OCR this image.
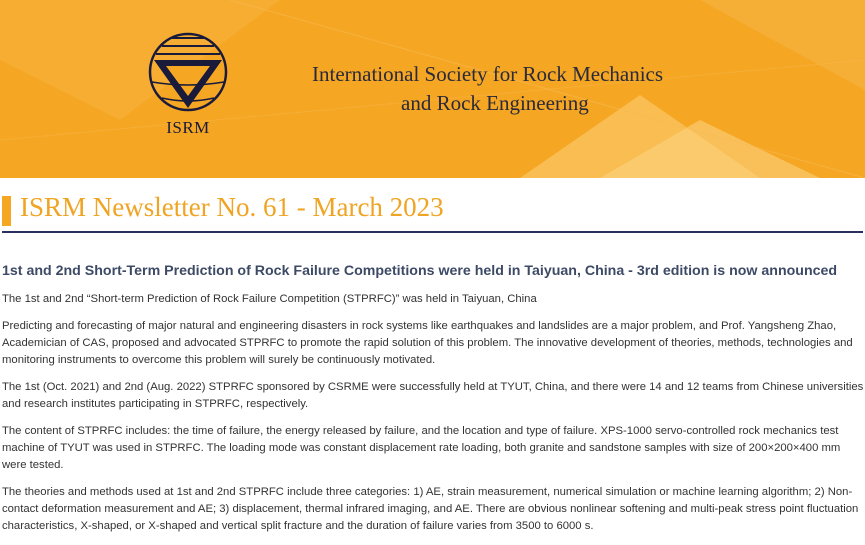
ISRM
International Society for Rock Mechanics
and Rock Engineering
ISRM Newsletter No. 61 - March 2023
1st and 2nd Short-Term Prediction of Rock Failure Competitions were held in Taiyuan, China - 3rd edition is now announced

The 1st and 2nd “Short-term Prediction of Rock Failure Competition (STPRFC)” was held in Taiyuan, China

Predicting and forecasting of major natural and engineering disasters in rock systems like earthquakes and landslides are a major problem, and Prof. Yangsheng Zhao, Academician of CAS, proposed and advocated STPRFC to promote the rapid solution of this problem. The innovative development of theories, methods, technologies and monitoring instruments to overcome this problem will surely be continuously motivated.

The 1st (Oct. 2021) and 2nd (Aug. 2022) STPRFC sponsored by CSRME were successfully held at TYUT, China, and there were 14 and 12 teams from Chinese universities and research institutes participating in STPRFC, respectively.

The content of STPRFC includes: the time of failure, the energy released by failure, and the location and type of failure. XPS-1000 servo-controlled rock mechanics test machine of TYUT was used in STPRFC. The loading mode was constant displacement rate loading, both granite and sandstone samples with size of 200×200×400 mm were tested.

The theories and methods used at 1st and 2nd STPRFC include three categories: 1) AE, strain measurement, numerical simulation or machine learning algorithm; 2) Non-contact deformation measurement and AE; 3) displacement, thermal infrared imaging, and AE. There are obvious nonlinear softening and multi-peak stress point fluctuation characteristics, X-shaped, or X-shaped and vertical split fracture and the duration of failure varies from 3500 to 6000 s.
